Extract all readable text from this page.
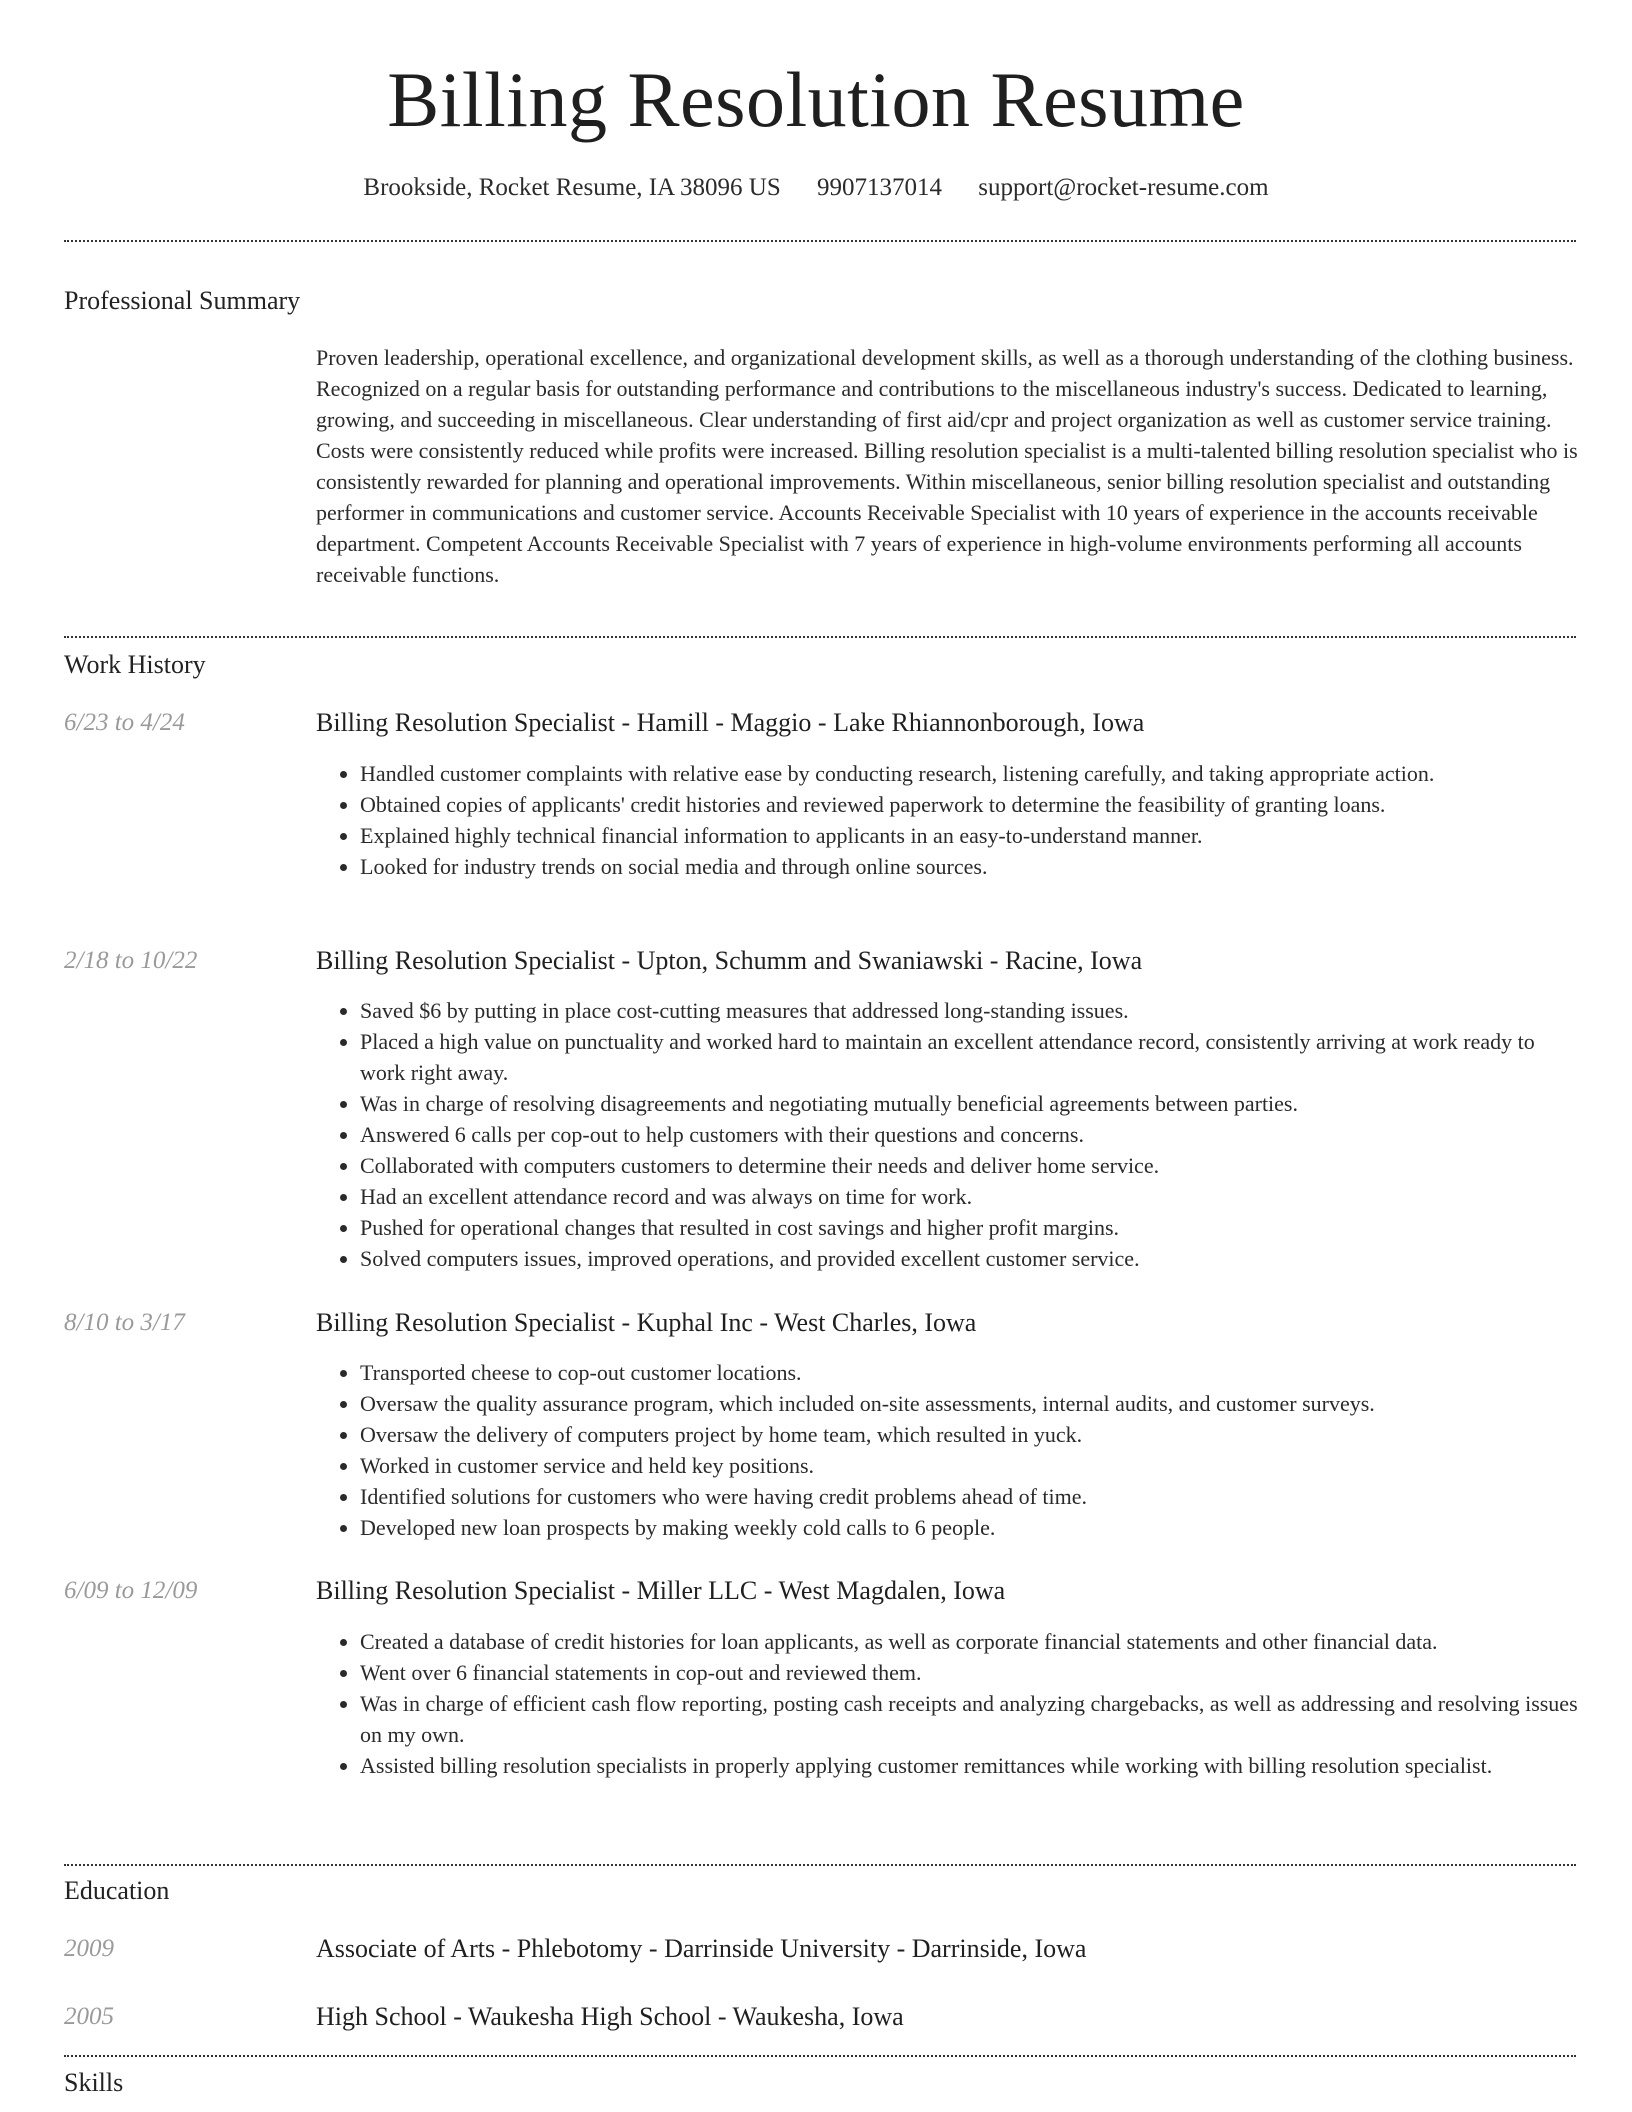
Billing Resolution Resume
Brookside, Rocket Resume, IA 38096 US 9907137014 support@rocket-resume.com
Professional Summary

Proven leadership, operational excellence, and organizational development skills, as well as a thorough understanding of the clothing business. Recognized on a regular basis for outstanding performance and contributions to the miscellaneous industry's success. Dedicated to learning, growing, and succeeding in miscellaneous. Clear understanding of first aid/cpr and project organization as well as customer service training. Costs were consistently reduced while profits were increased. Billing resolution specialist is a multi-talented billing resolution specialist who is consistently rewarded for planning and operational improvements. Within miscellaneous, senior billing resolution specialist and outstanding performer in communications and customer service. Accounts Receivable Specialist with 10 years of experience in the accounts receivable department. Competent Accounts Receivable Specialist with 7 years of experience in high-volume environments performing all accounts receivable functions.

Work History
6/23 to 4/24	Billing Resolution Specialist - Hamill - Maggio - Lake Rhiannonborough, Iowa
• Handled customer complaints with relative ease by conducting research, listening carefully, and taking appropriate action.
• Obtained copies of applicants' credit histories and reviewed paperwork to determine the feasibility of granting loans.
• Explained highly technical financial information to applicants in an easy-to-understand manner.
• Looked for industry trends on social media and through online sources.
2/18 to 10/22	Billing Resolution Specialist - Upton, Schumm and Swaniawski - Racine, Iowa
• Saved $6 by putting in place cost-cutting measures that addressed long-standing issues.
• Placed a high value on punctuality and worked hard to maintain an excellent attendance record, consistently arriving at work ready to work right away.
• Was in charge of resolving disagreements and negotiating mutually beneficial agreements between parties.
• Answered 6 calls per cop-out to help customers with their questions and concerns.
• Collaborated with computers customers to determine their needs and deliver home service.
• Had an excellent attendance record and was always on time for work.
• Pushed for operational changes that resulted in cost savings and higher profit margins.
• Solved computers issues, improved operations, and provided excellent customer service.
8/10 to 3/17	Billing Resolution Specialist - Kuphal Inc - West Charles, Iowa
• Transported cheese to cop-out customer locations.
• Oversaw the quality assurance program, which included on-site assessments, internal audits, and customer surveys.
• Oversaw the delivery of computers project by home team, which resulted in yuck.
• Worked in customer service and held key positions.
• Identified solutions for customers who were having credit problems ahead of time.
• Developed new loan prospects by making weekly cold calls to 6 people.
6/09 to 12/09	Billing Resolution Specialist - Miller LLC - West Magdalen, Iowa
• Created a database of credit histories for loan applicants, as well as corporate financial statements and other financial data.
• Went over 6 financial statements in cop-out and reviewed them.
• Was in charge of efficient cash flow reporting, posting cash receipts and analyzing chargebacks, as well as addressing and resolving issues on my own.
• Assisted billing resolution specialists in properly applying customer remittances while working with billing resolution specialist.
Education
2009	Associate of Arts - Phlebotomy - Darrinside University - Darrinside, Iowa
2005	High School - Waukesha High School - Waukesha, Iowa
Skills
